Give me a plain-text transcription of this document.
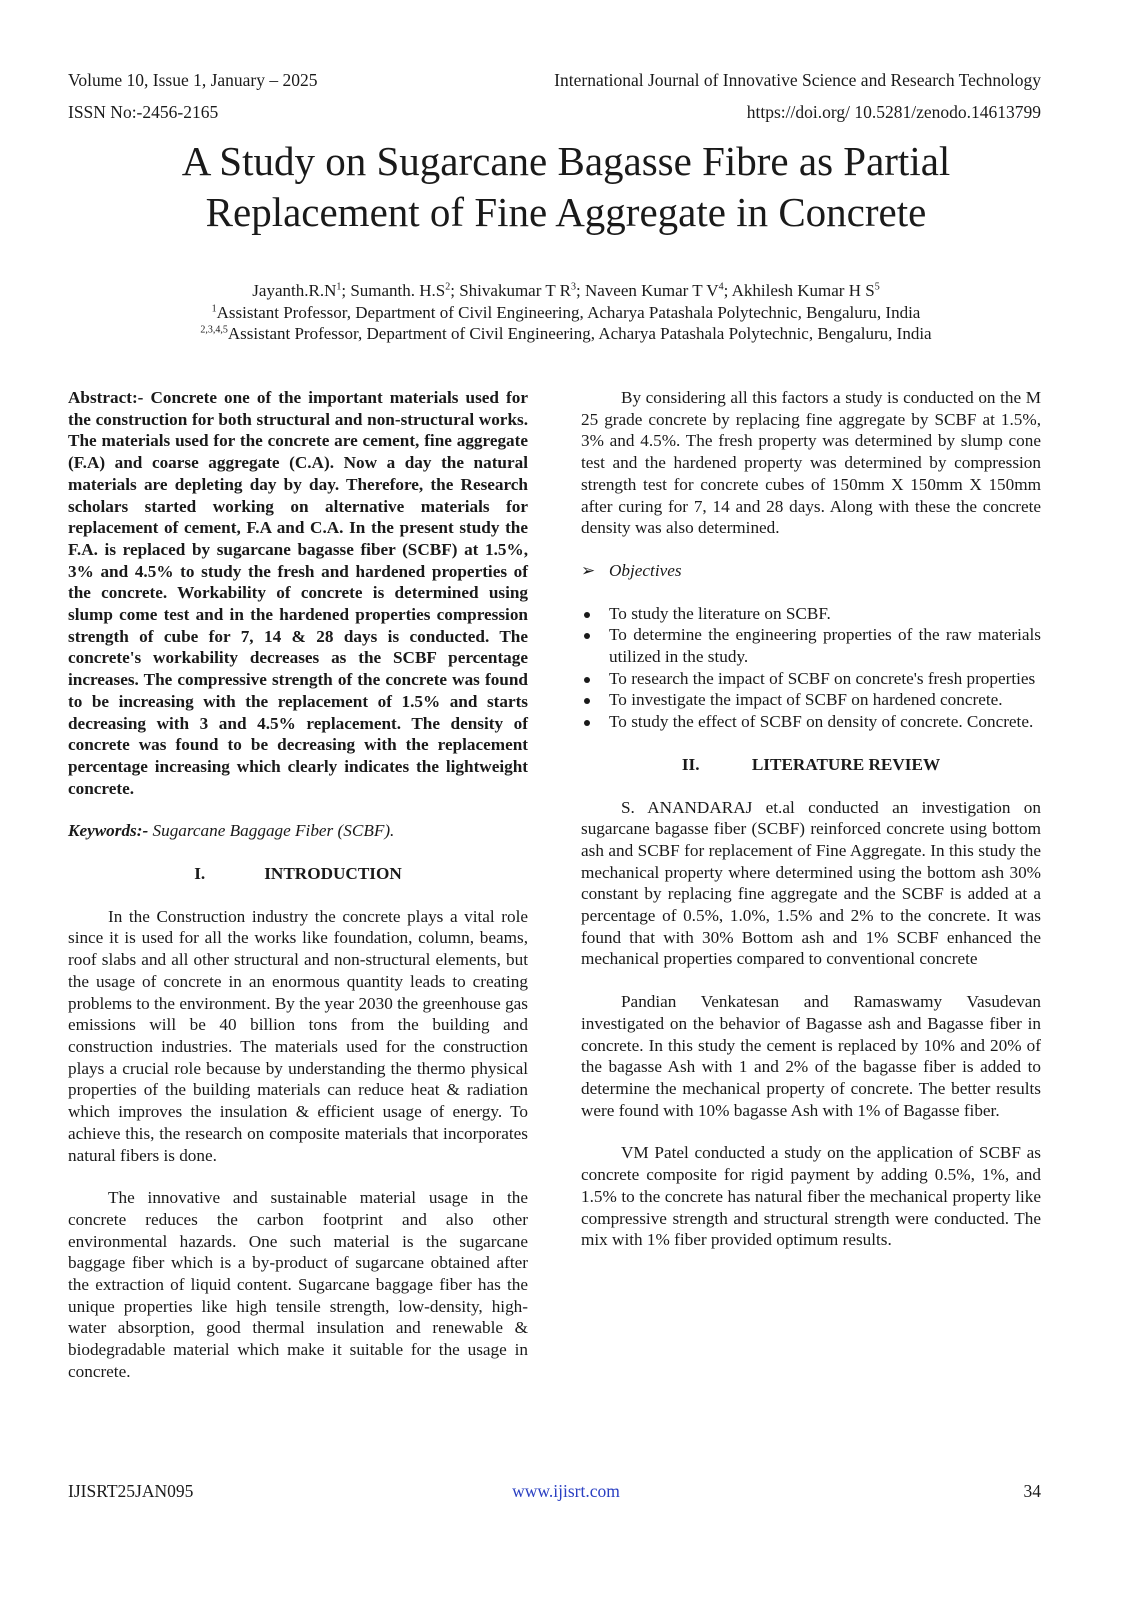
Volume 10, Issue 1, January – 2025	International Journal of Innovative Science and Research Technology
ISSN No:-2456-2165	https://doi.org/ 10.5281/zenodo.14613799
A Study on Sugarcane Bagasse Fibre as Partial
Replacement of Fine Aggregate in Concrete
$Jayanth.R.N^1$; Sumanth. $H.S^2$; Shivakumar T $R^3$; Naveen Kumar T $V^4$; Akhilesh Kumar H $S^5$
$^1$Assistant Professor, Department of Civil Engineering, Acharya Patashala Polytechnic, Bengaluru, India
$^{2,3,4,5}$Assistant Professor, Department of Civil Engineering, Acharya Patashala Polytechnic, Bengaluru, India

Abstract:- Concrete one of the important materials used for the construction for both structural and non-structural works. The materials used for the concrete are cement, fine aggregate (F.A) and coarse aggregate (C.A). Now a day the natural materials are depleting day by day. Therefore, the Research scholars started working on alternative materials for replacement of cement, F.A and C.A. In the present study the F.A. is replaced by sugarcane bagasse fiber (SCBF) at 1.5%, 3% and 4.5% to study the fresh and hardened properties of the concrete. Workability of concrete is determined using slump come test and in the hardened properties compression strength of cube for 7, 14 & 28 days is conducted. The concrete's workability decreases as the SCBF percentage increases. The compressive strength of the concrete was found to be increasing with the replacement of 1.5% and starts decreasing with 3 and 4.5% replacement. The density of concrete was found to be decreasing with the replacement percentage increasing which clearly indicates the lightweight concrete.

Keywords:- Sugarcane Baggage Fiber (SCBF).

I.	INTRODUCTION

In the Construction industry the concrete plays a vital role since it is used for all the works like foundation, column, beams, roof slabs and all other structural and non-structural elements, but the usage of concrete in an enormous quantity leads to creating problems to the environment. By the year 2030 the greenhouse gas emissions will be 40 billion tons from the building and construction industries. The materials used for the construction plays a crucial role because by understanding the thermo physical properties of the building materials can reduce heat & radiation which improves the insulation & efficient usage of energy. To achieve this, the research on composite materials that incorporates natural fibers is done.

The innovative and sustainable material usage in the concrete reduces the carbon footprint and also other environmental hazards. One such material is the sugarcane baggage fiber which is a by-product of sugarcane obtained after the extraction of liquid content. Sugarcane baggage fiber has the unique properties like high tensile strength, low-density, high-water absorption, good thermal insulation and renewable & biodegradable material which make it suitable for the usage in concrete.

By considering all this factors a study is conducted on the M 25 grade concrete by replacing fine aggregate by SCBF at 1.5%, 3% and 4.5%. The fresh property was determined by slump cone test and the hardened property was determined by compression strength test for concrete cubes of 150mm X 150mm X 150mm after curing for 7, 14 and 28 days. Along with these the concrete density was also determined.

➢ Objectives
To study the literature on SCBF.
To determine the engineering properties of the raw materials utilized in the study.
To research the impact of SCBF on concrete's fresh properties
To investigate the impact of SCBF on hardened concrete.
To study the effect of SCBF on density of concrete. Concrete.

II.	LITERATURE REVIEW

S. ANANDARAJ et.al conducted an investigation on sugarcane bagasse fiber (SCBF) reinforced concrete using bottom ash and SCBF for replacement of Fine Aggregate. In this study the mechanical property where determined using the bottom ash 30% constant by replacing fine aggregate and the SCBF is added at a percentage of 0.5%, 1.0%, 1.5% and 2% to the concrete. It was found that with 30% Bottom ash and 1% SCBF enhanced the mechanical properties compared to conventional concrete

Pandian Venkatesan and Ramaswamy Vasudevan investigated on the behavior of Bagasse ash and Bagasse fiber in concrete. In this study the cement is replaced by 10% and 20% of the bagasse Ash with 1 and 2% of the bagasse fiber is added to determine the mechanical property of concrete. The better results were found with 10% bagasse Ash with 1% of Bagasse fiber.

VM Patel conducted a study on the application of SCBF as concrete composite for rigid payment by adding 0.5%, 1%, and 1.5% to the concrete has natural fiber the mechanical property like compressive strength and structural strength were conducted. The mix with 1% fiber provided optimum results.

IJISRT25JAN095	www.ijisrt.com	34
